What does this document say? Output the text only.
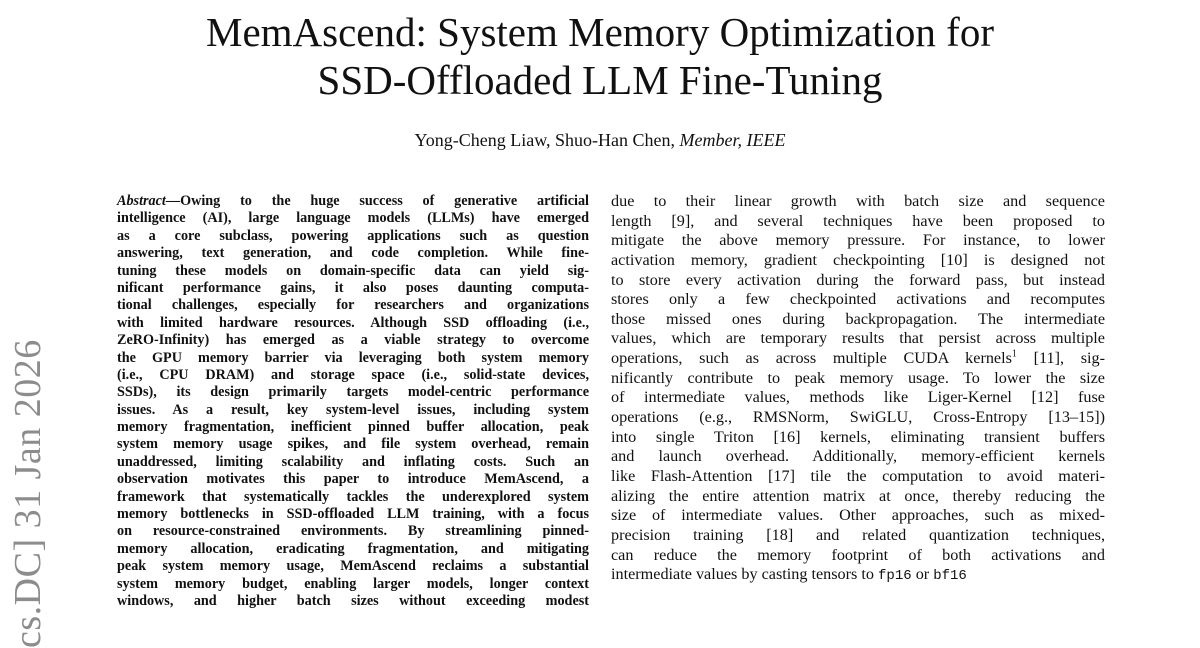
MemAscend: System Memory Optimization for
SSD-Offloaded LLM Fine-Tuning
Yong-Cheng Liaw, Shuo-Han Chen, Member, IEEE
cs.DC] 31 Jan 2026
Abstract—Owing to the huge success of generative artificial
intelligence (AI), large language models (LLMs) have emerged
as a core subclass, powering applications such as question
answering, text generation, and code completion. While fine-
tuning these models on domain-specific data can yield sig-
nificant performance gains, it also poses daunting computa-
tional challenges, especially for researchers and organizations
with limited hardware resources. Although SSD offloading (i.e.,
ZeRO-Infinity) has emerged as a viable strategy to overcome
the GPU memory barrier via leveraging both system memory
(i.e., CPU DRAM) and storage space (i.e., solid-state devices,
SSDs), its design primarily targets model-centric performance
issues. As a result, key system-level issues, including system
memory fragmentation, inefficient pinned buffer allocation, peak
system memory usage spikes, and file system overhead, remain
unaddressed, limiting scalability and inflating costs. Such an
observation motivates this paper to introduce MemAscend, a
framework that systematically tackles the underexplored system
memory bottlenecks in SSD-offloaded LLM training, with a focus
on resource-constrained environments. By streamlining pinned-
memory allocation, eradicating fragmentation, and mitigating
peak system memory usage, MemAscend reclaims a substantial
system memory budget, enabling larger models, longer context
windows, and higher batch sizes without exceeding modest
due to their linear growth with batch size and sequence
length [9], and several techniques have been proposed to
mitigate the above memory pressure. For instance, to lower
activation memory, gradient checkpointing [10] is designed not
to store every activation during the forward pass, but instead
stores only a few checkpointed activations and recomputes
those missed ones during backpropagation. The intermediate
values, which are temporary results that persist across multiple
operations, such as across multiple CUDA kernels$^1$ [11], sig-
nificantly contribute to peak memory usage. To lower the size
of intermediate values, methods like Liger-Kernel [12] fuse
operations (e.g., RMSNorm, SwiGLU, Cross-Entropy [13–15])
into single Triton [16] kernels, eliminating transient buffers
and launch overhead. Additionally, memory-efficient kernels
like Flash-Attention [17] tile the computation to avoid materi-
alizing the entire attention matrix at once, thereby reducing the
size of intermediate values. Other approaches, such as mixed-
precision training [18] and related quantization techniques,
can reduce the memory footprint of both activations and
intermediate values by casting tensors to fp16 or bf16
